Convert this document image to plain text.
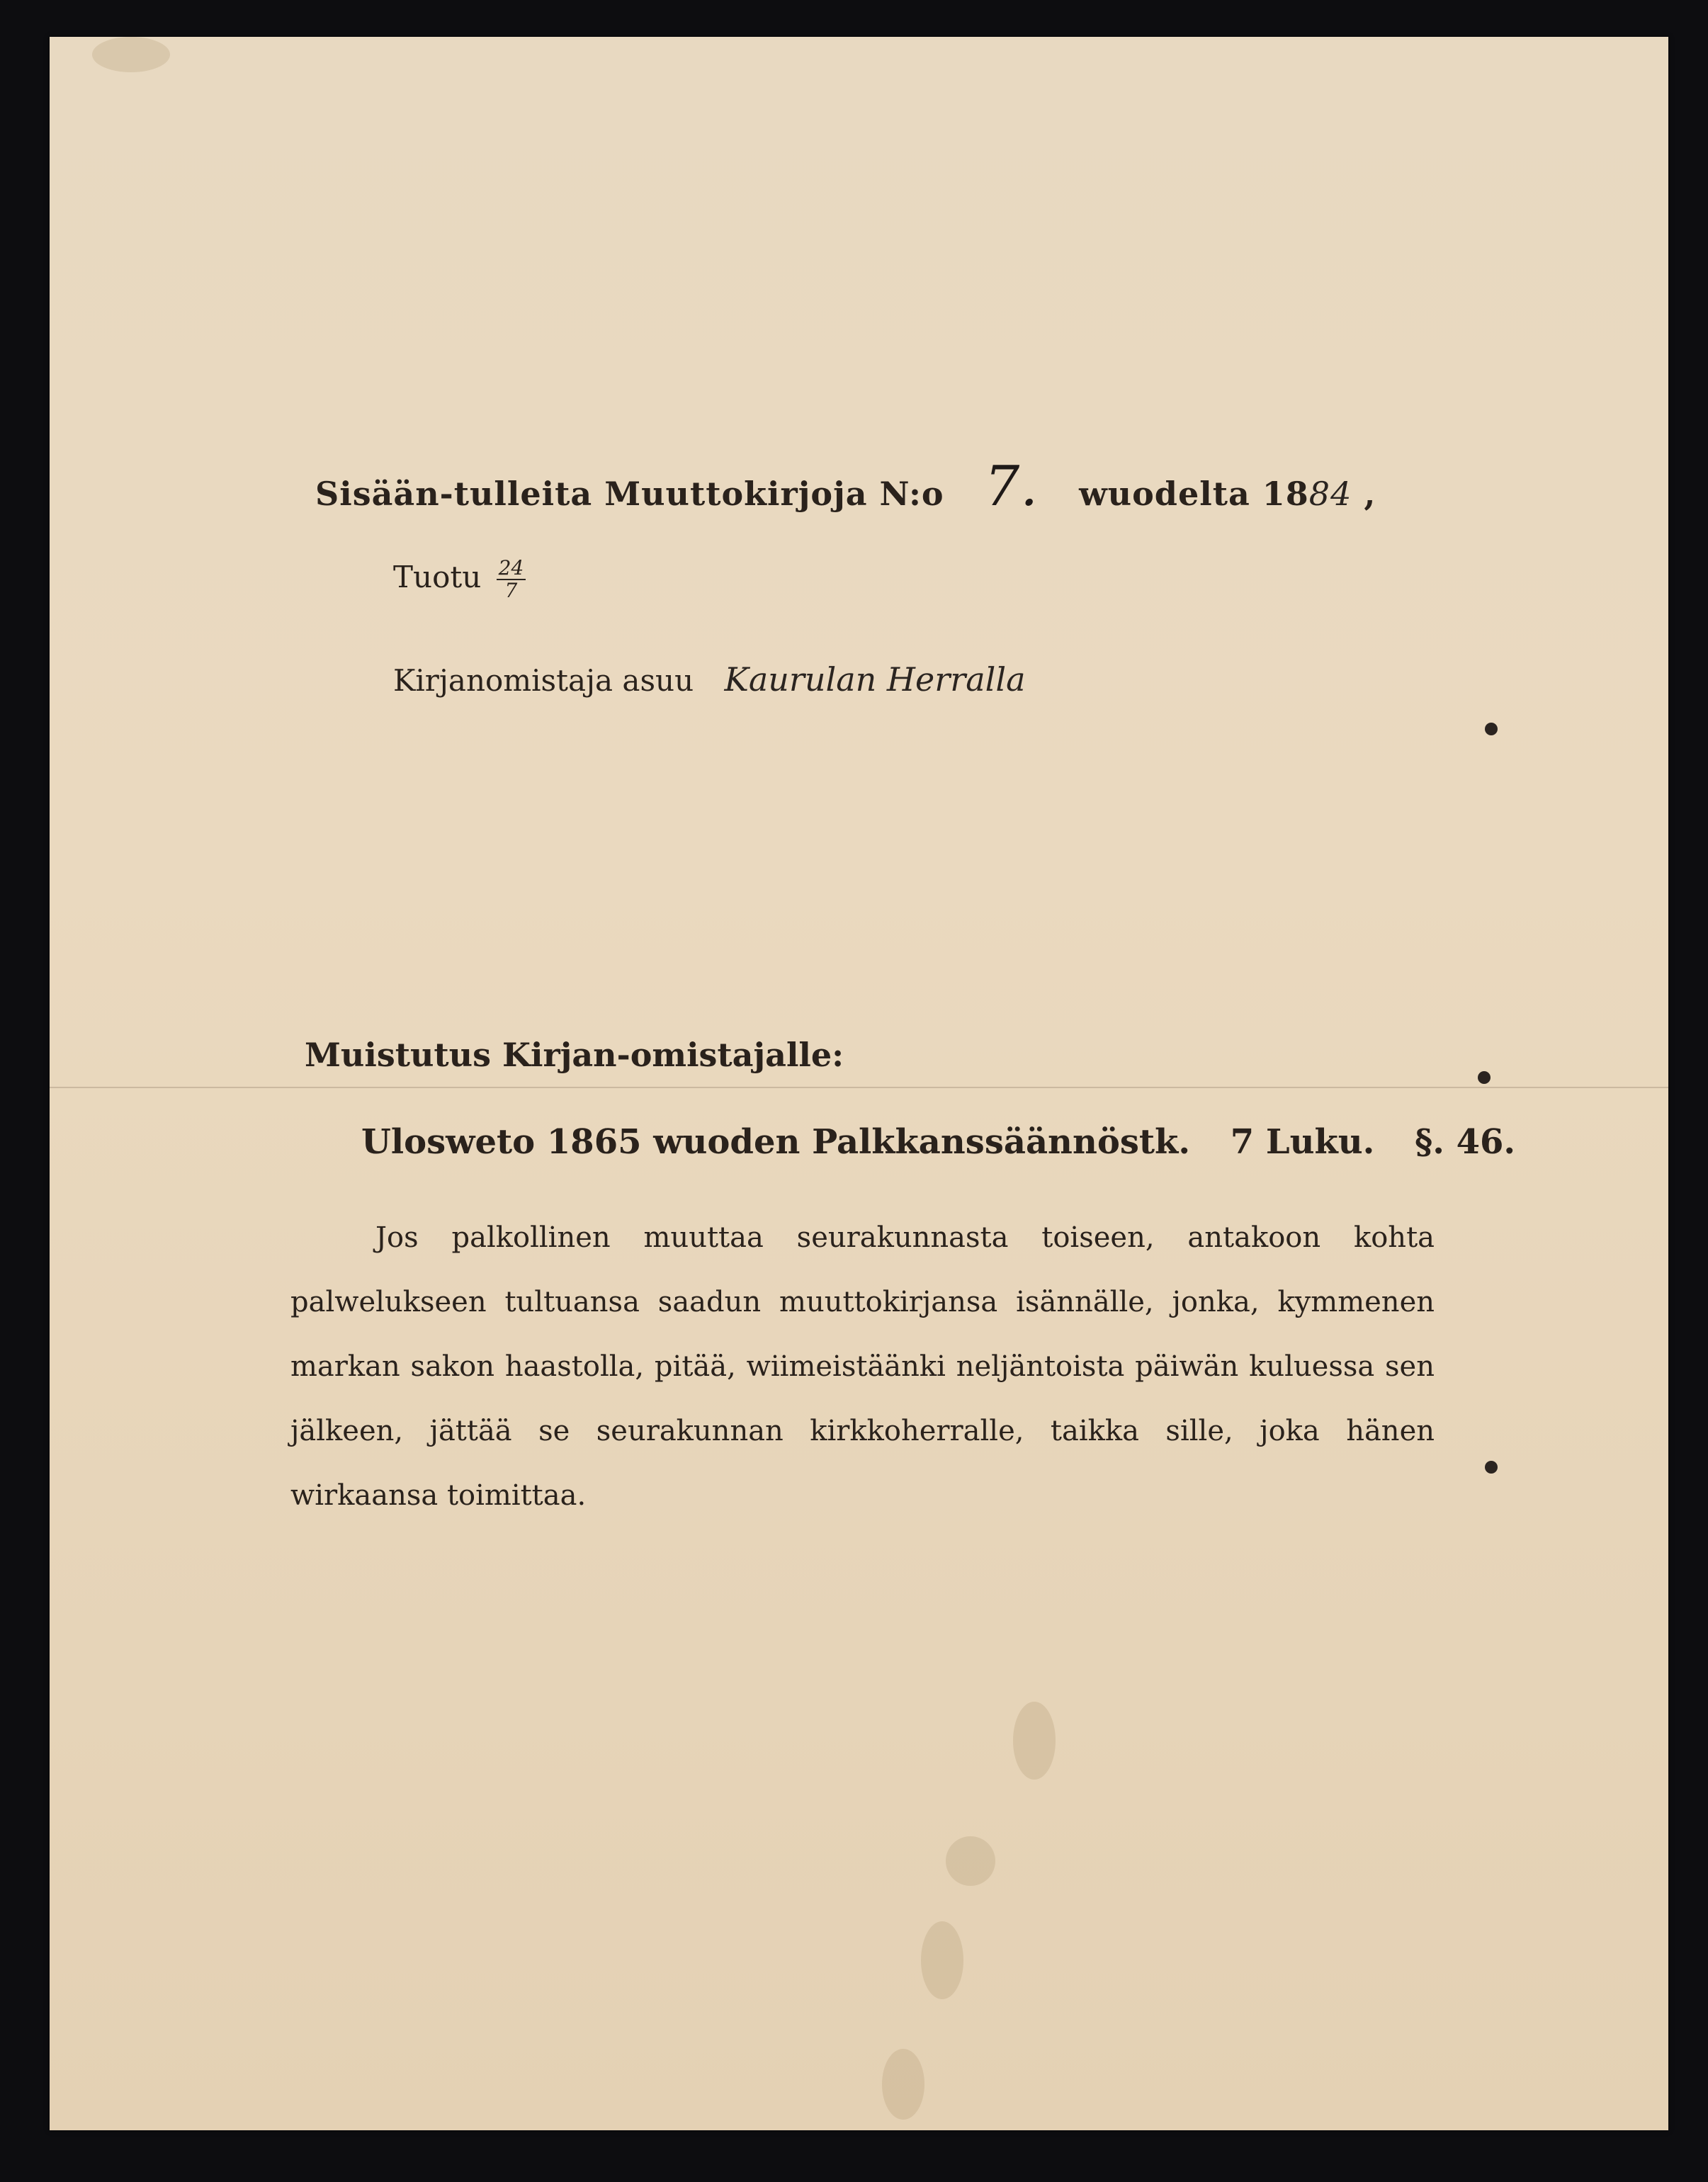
Sisään-tulleita Muuttokirjoja N:o 7. wuodelta 1884 ,
Tuotu $\frac{24}{7}$
Kirjanomistaja asuu Kaurulan Herralla
Muistutus Kirjan-omistajalle:
Ulosweto 1865 wuoden Palkkanssäännöstk. 7 Luku. §. 46.
Jos palkollinen muuttaa seurakunnasta toiseen, antakoon kohta palwelukseen tultuansa saadun muuttokirjansa isännälle, jonka, kymmenen markan sakon haastolla, pitää, wiimeistäänki neljäntoista päiwän kuluessa sen jälkeen, jättää se seurakunnan kirkkoherralle, taikka sille, joka hänen wirkaansa toimittaa.
